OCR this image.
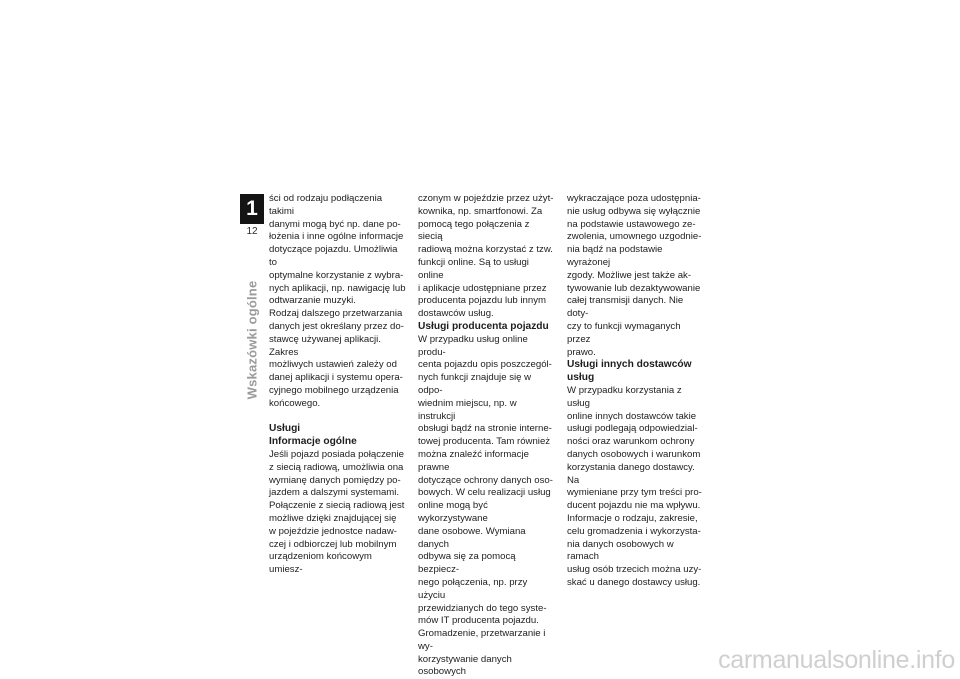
1
12
Wskazówki ogólne

ści od rodzaju podłączenia takimi

danymi mogą być np. dane po-

łożenia i inne ogólne informacje

dotyczące pojazdu. Umożliwia to

optymalne korzystanie z wybra-

nych aplikacji, np. nawigację lub

odtwarzanie muzyki.

Rodzaj dalszego przetwarzania

danych jest określany przez do-

stawcę używanej aplikacji. Zakres

możliwych ustawień zależy od

danej aplikacji i systemu opera-

cyjnego mobilnego urządzenia

końcowego.

Usługi

Informacje ogólne

Jeśli pojazd posiada połączenie

z siecią radiową, umożliwia ona

wymianę danych pomiędzy po-

jazdem a dalszymi systemami.

Połączenie z siecią radiową jest

możliwe dzięki znajdującej się

w pojeździe jednostce nadaw-

czej i odbiorczej lub mobilnym

urządzeniom końcowym umiesz-

czonym w pojeździe przez użyt-

kownika, np. smartfonowi. Za

pomocą tego połączenia z siecią

radiową można korzystać z tzw.

funkcji online. Są to usługi online

i aplikacje udostępniane przez

producenta pojazdu lub innym

dostawców usług.

Usługi producenta pojazdu

W przypadku usług online produ-

centa pojazdu opis poszczegól-

nych funkcji znajduje się w odpo-

wiednim miejscu, np. w instrukcji

obsługi bądź na stronie interne-

towej producenta. Tam również

można znaleźć informacje prawne

dotyczące ochrony danych oso-

bowych. W celu realizacji usług

online mogą być wykorzystywane

dane osobowe. Wymiana danych

odbywa się za pomocą bezpiecz-

nego połączenia, np. przy użyciu

przewidzianych do tego syste-

mów IT producenta pojazdu.

Gromadzenie, przetwarzanie i wy-

korzystywanie danych osobowych

wykraczające poza udostępnia-

nie usług odbywa się wyłącznie

na podstawie ustawowego ze-

zwolenia, umownego uzgodnie-

nia bądź na podstawie wyrażonej

zgody. Możliwe jest także ak-

tywowanie lub dezaktywowanie

całej transmisji danych. Nie doty-

czy to funkcji wymaganych przez

prawo.

Usługi innych dostawców

usług

W przypadku korzystania z usług

online innych dostawców takie

usługi podlegają odpowiedzial-

ności oraz warunkom ochrony

danych osobowych i warunkom

korzystania danego dostawcy. Na

wymieniane przy tym treści pro-

ducent pojazdu nie ma wpływu.

Informacje o rodzaju, zakresie,

celu gromadzenia i wykorzysta-

nia danych osobowych w ramach

usług osób trzecich można uzy-

skać u danego dostawcy usług.

carmanualsonline.info
